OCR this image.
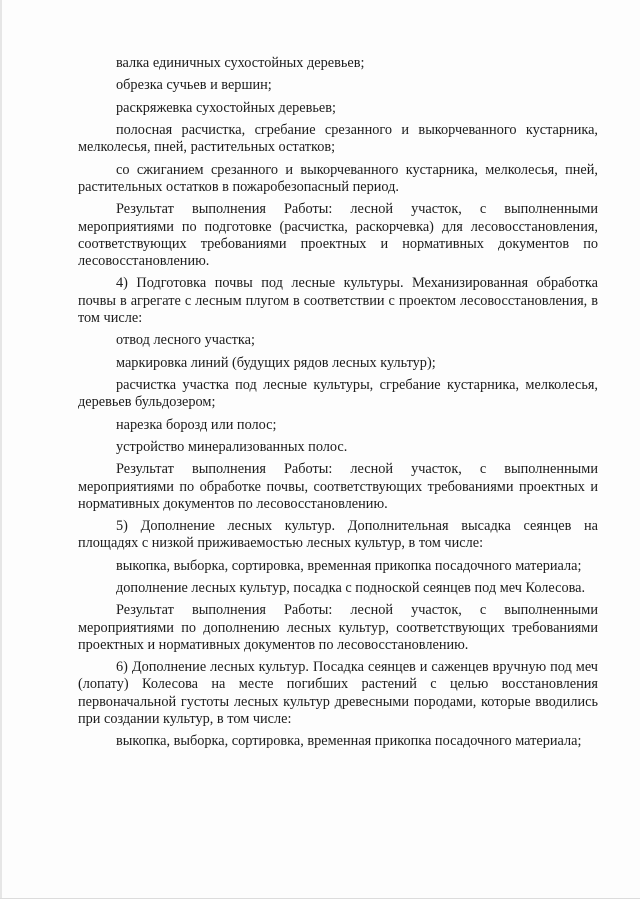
валка единичных сухостойных деревьев;

обрезка сучьев и вершин;

раскряжевка сухостойных деревьев;

полосная расчистка, сгребание срезанного и выкорчеванного кустарника, мелколесья, пней, растительных остатков;

со сжиганием срезанного и выкорчеванного кустарника, мелколесья, пней, растительных остатков в пожаробезопасный период.

Результат выполнения Работы: лесной участок, с выполненными мероприятиями по подготовке (расчистка, раскорчевка) для лесовосстановления, соответствующих требованиями проектных и нормативных документов по лесовосстановлению.

4) Подготовка почвы под лесные культуры. Механизированная обработка почвы в агрегате с лесным плугом в соответствии с проектом лесовосстановления, в том числе:

отвод лесного участка;

маркировка линий (будущих рядов лесных культур);

расчистка участка под лесные культуры, сгребание кустарника, мелколесья, деревьев бульдозером;

нарезка борозд или полос;

устройство минерализованных полос.

Результат выполнения Работы: лесной участок, с выполненными мероприятиями по обработке почвы, соответствующих требованиями проектных и нормативных документов по лесовосстановлению.

5) Дополнение лесных культур. Дополнительная высадка сеянцев на площадях с низкой приживаемостью лесных культур, в том числе:

выкопка, выборка, сортировка, временная прикопка посадочного материала;

дополнение лесных культур, посадка с подноской сеянцев под меч Колесова.

Результат выполнения Работы: лесной участок, с выполненными мероприятиями по дополнению лесных культур, соответствующих требованиями проектных и нормативных документов по лесовосстановлению.

6) Дополнение лесных культур. Посадка сеянцев и саженцев вручную под меч (лопату) Колесова на месте погибших растений с целью восстановления первоначальной густоты лесных культур древесными породами, которые вводились при создании культур, в том числе:

выкопка, выборка, сортировка, временная прикопка посадочного материала;
